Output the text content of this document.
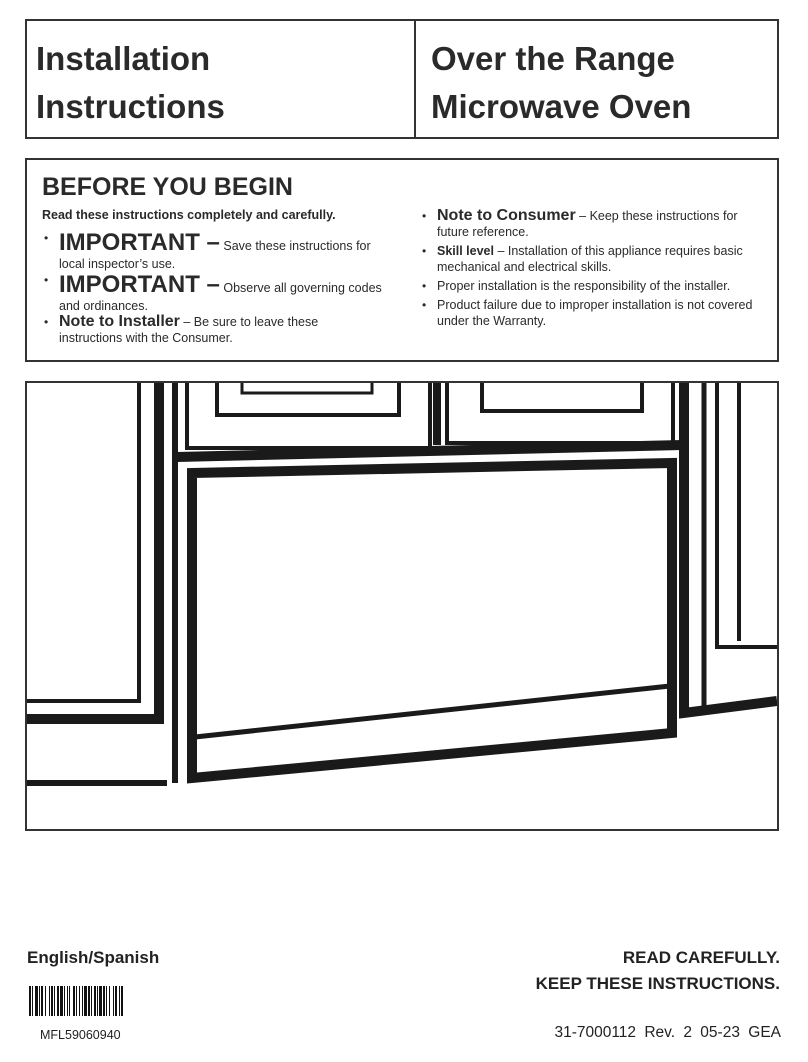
Installation
Instructions
Over the Range
Microwave Oven
BEFORE YOU BEGIN
Read these instructions completely and carefully.
• IMPORTANT – Save these instructions for local inspector’s use.
• IMPORTANT – Observe all governing codes and ordinances.
• Note to Installer – Be sure to leave these instructions with the Consumer.
• Note to Consumer – Keep these instructions for future reference.
• Skill level – Installation of this appliance requires basic mechanical and electrical skills.
• Proper installation is the responsibility of the installer.
• Product failure due to improper installation is not covered under the Warranty.
English/Spanish	READ CAREFULLY.
KEEP THESE INSTRUCTIONS.
MFL59060940	31-7000112 Rev. 2 05-23 GEA
